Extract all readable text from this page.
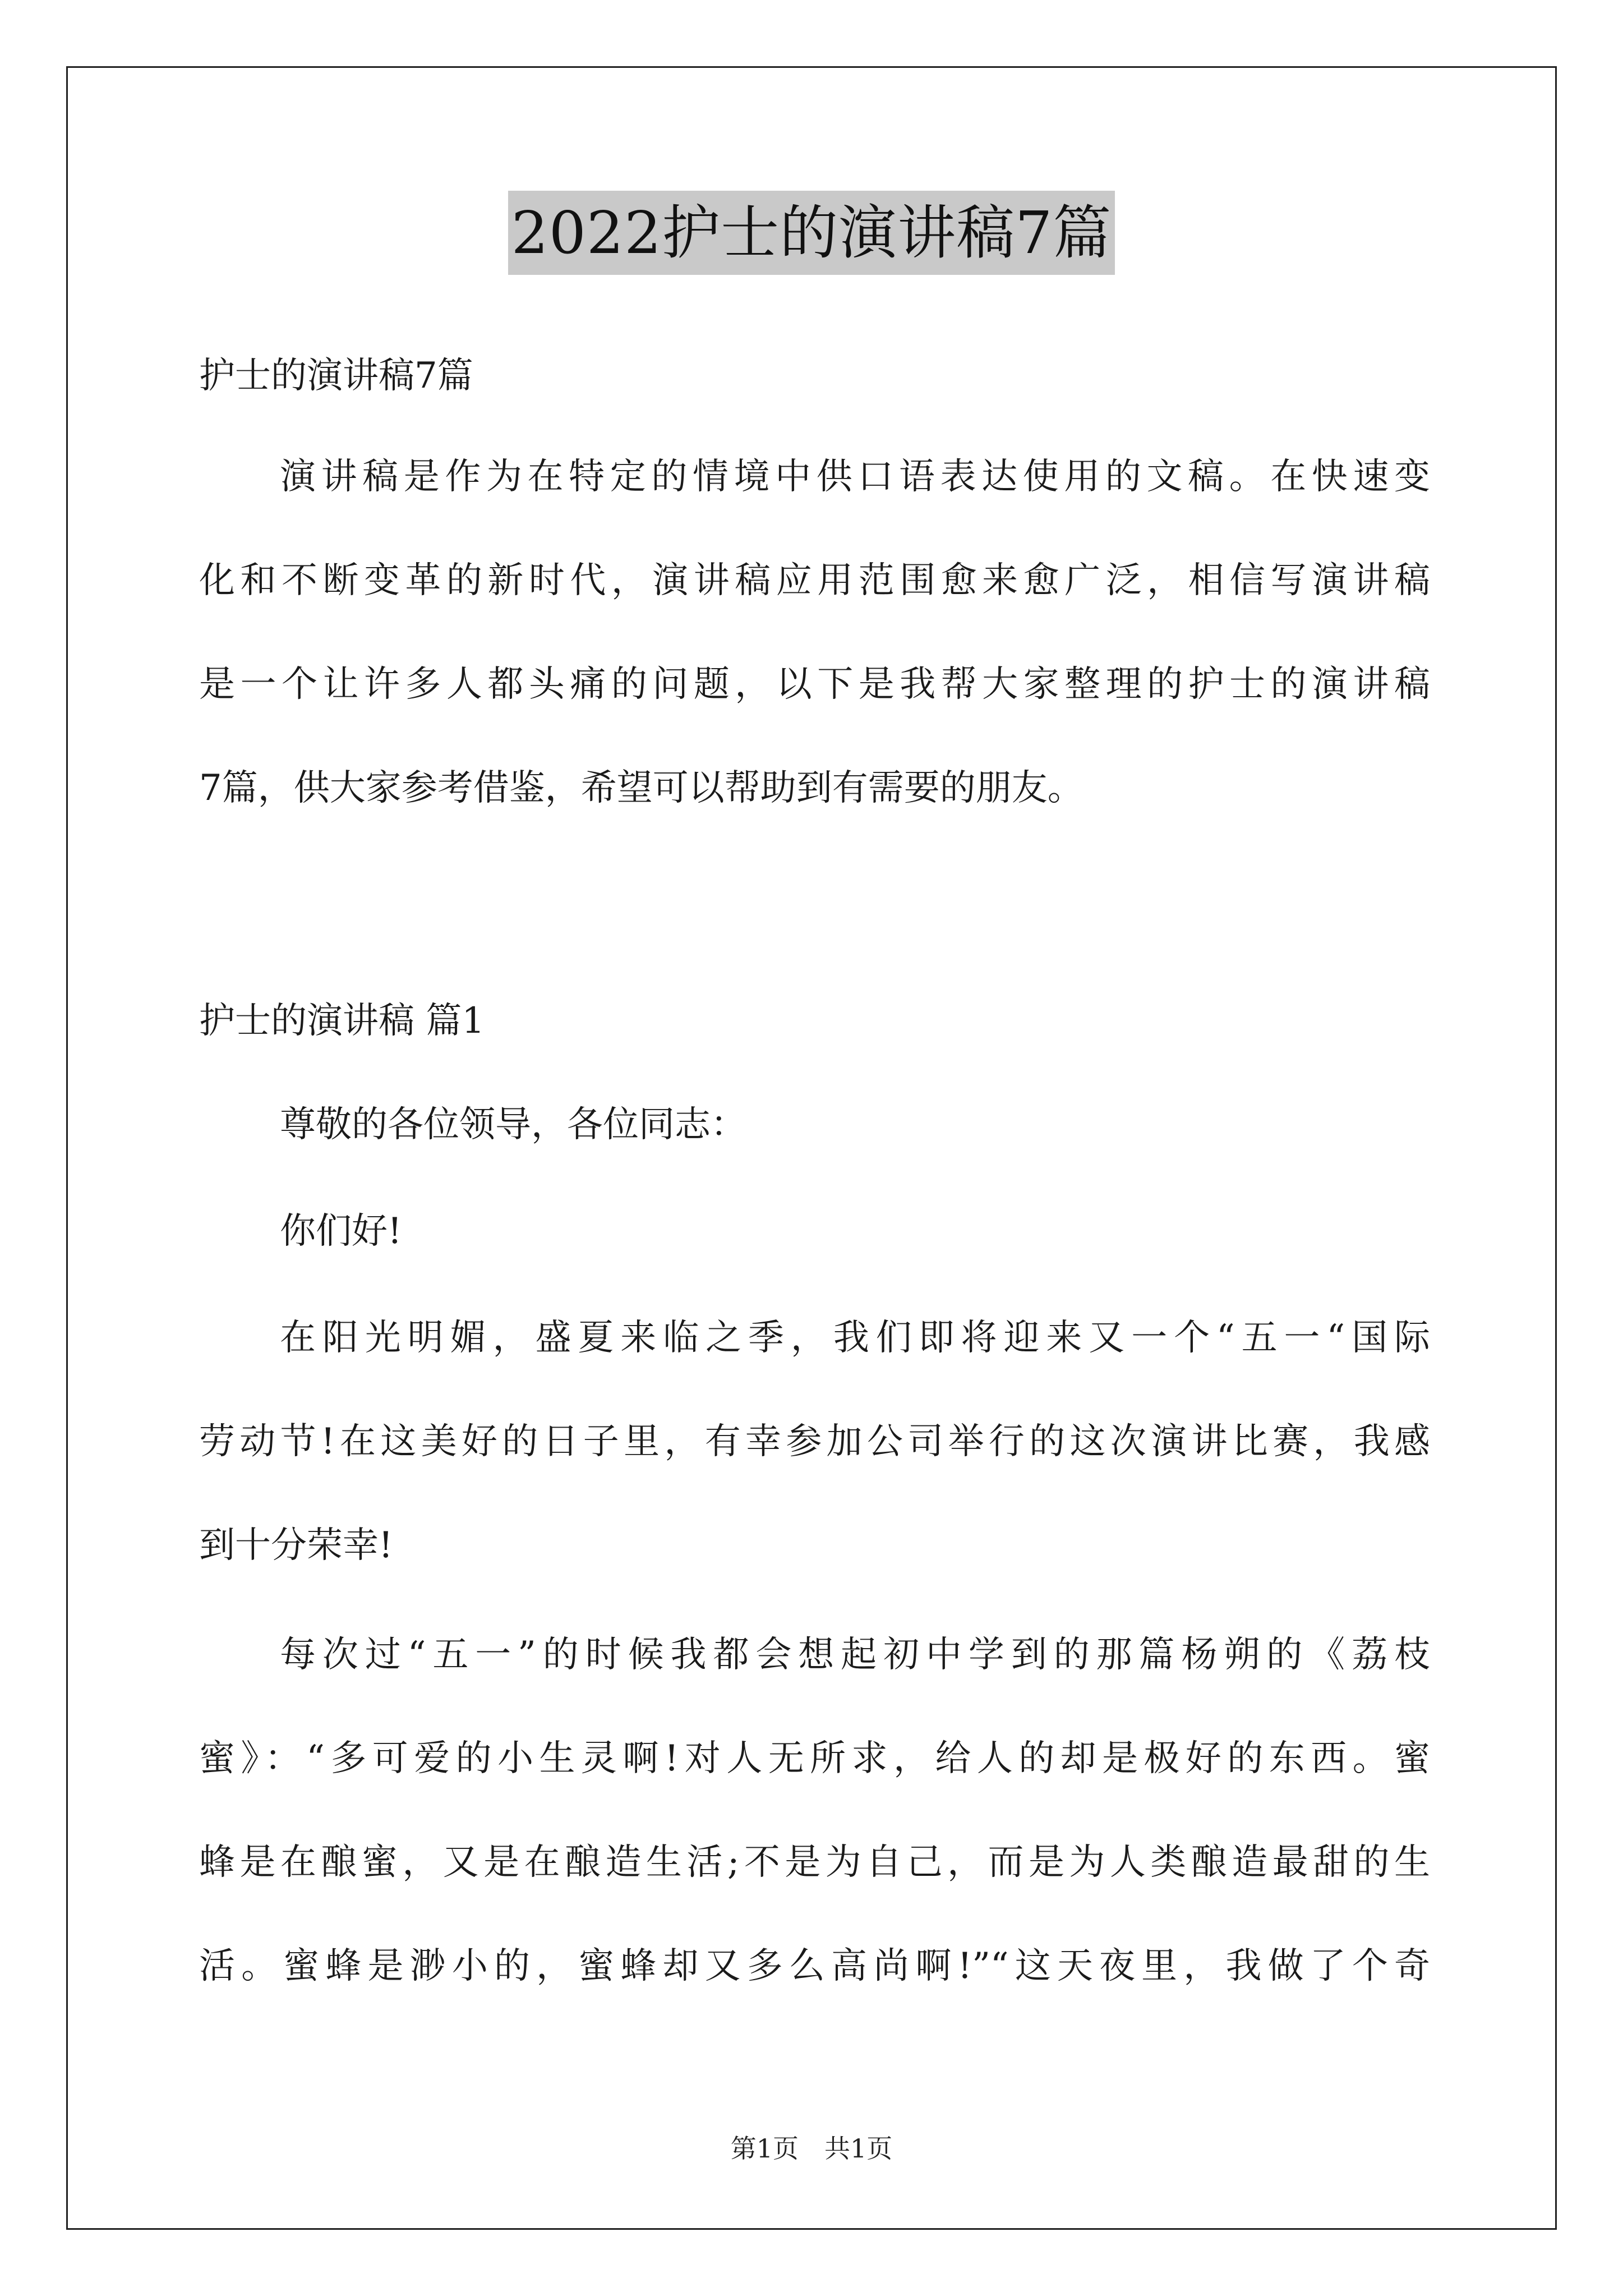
2022护士的演讲稿7篇
护士的演讲稿7篇
演讲稿是作为在特定的情境中供口语表达使用的文稿。在快速变
化和不断变革的新时代，演讲稿应用范围愈来愈广泛，相信写演讲稿
是一个让许多人都头痛的问题，以下是我帮大家整理的护士的演讲稿
7篇，供大家参考借鉴，希望可以帮助到有需要的朋友。
护士的演讲稿 篇1
尊敬的各位领导，各位同志：
你们好!
在阳光明媚，盛夏来临之季，我们即将迎来又一个“五一“国际
劳动节!在这美好的日子里，有幸参加公司举行的这次演讲比赛，我感
到十分荣幸!
每次过“五一”的时候我都会想起初中学到的那篇杨朔的《荔枝
蜜》：“多可爱的小生灵啊!对人无所求，给人的却是极好的东西。蜜
蜂是在酿蜜，又是在酿造生活;不是为自己，而是为人类酿造最甜的生
活。蜜蜂是渺小的，蜜蜂却又多么高尚啊!”“这天夜里，我做了个奇
第1页　共1页
